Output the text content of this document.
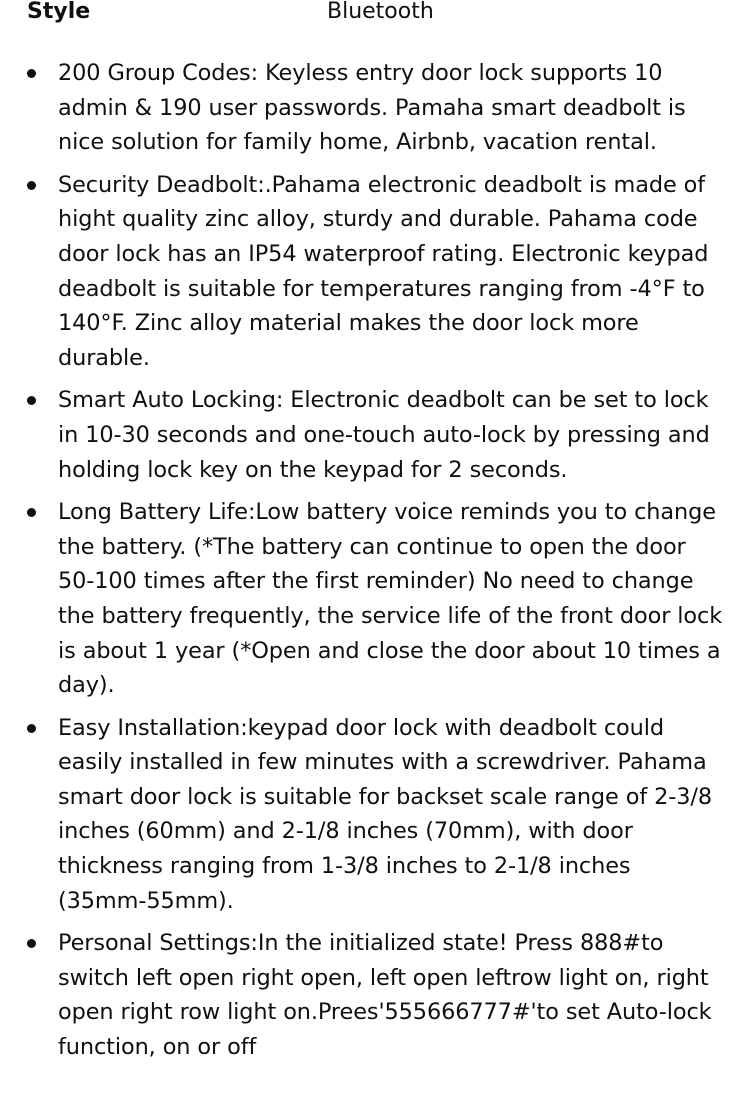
Style	Bluetooth
200 Group Codes: Keyless entry door lock supports 10 admin & 190 user passwords. Pamaha smart deadbolt is nice solution for family home, Airbnb, vacation rental.
Security Deadbolt:.Pahama electronic deadbolt is made of hight quality zinc alloy, sturdy and durable. Pahama code door lock has an IP54 waterproof rating. Electronic keypad deadbolt is suitable for temperatures ranging from -4°F to 140°F. Zinc alloy material makes the door lock more durable.
Smart Auto Locking: Electronic deadbolt can be set to lock in 10-30 seconds and one-touch auto-lock by pressing and holding lock key on the keypad for 2 seconds.
Long Battery Life:Low battery voice reminds you to change the battery. (*The battery can continue to open the door 50-100 times after the first reminder) No need to change the battery frequently, the service life of the front door lock is about 1 year (*Open and close the door about 10 times a day).
Easy Installation:keypad door lock with deadbolt could easily installed in few minutes with a screwdriver. Pahama smart door lock is suitable for backset scale range of 2-3/8 inches (60mm) and 2-1/8 inches (70mm), with door thickness ranging from 1-3/8 inches to 2-1/8 inches (35mm-55mm).
Personal Settings:In the initialized state! Press 888#to switch left open right open, left open leftrow light on, right open right row light on.Prees'555666777#'to set Auto-lock function, on or off
